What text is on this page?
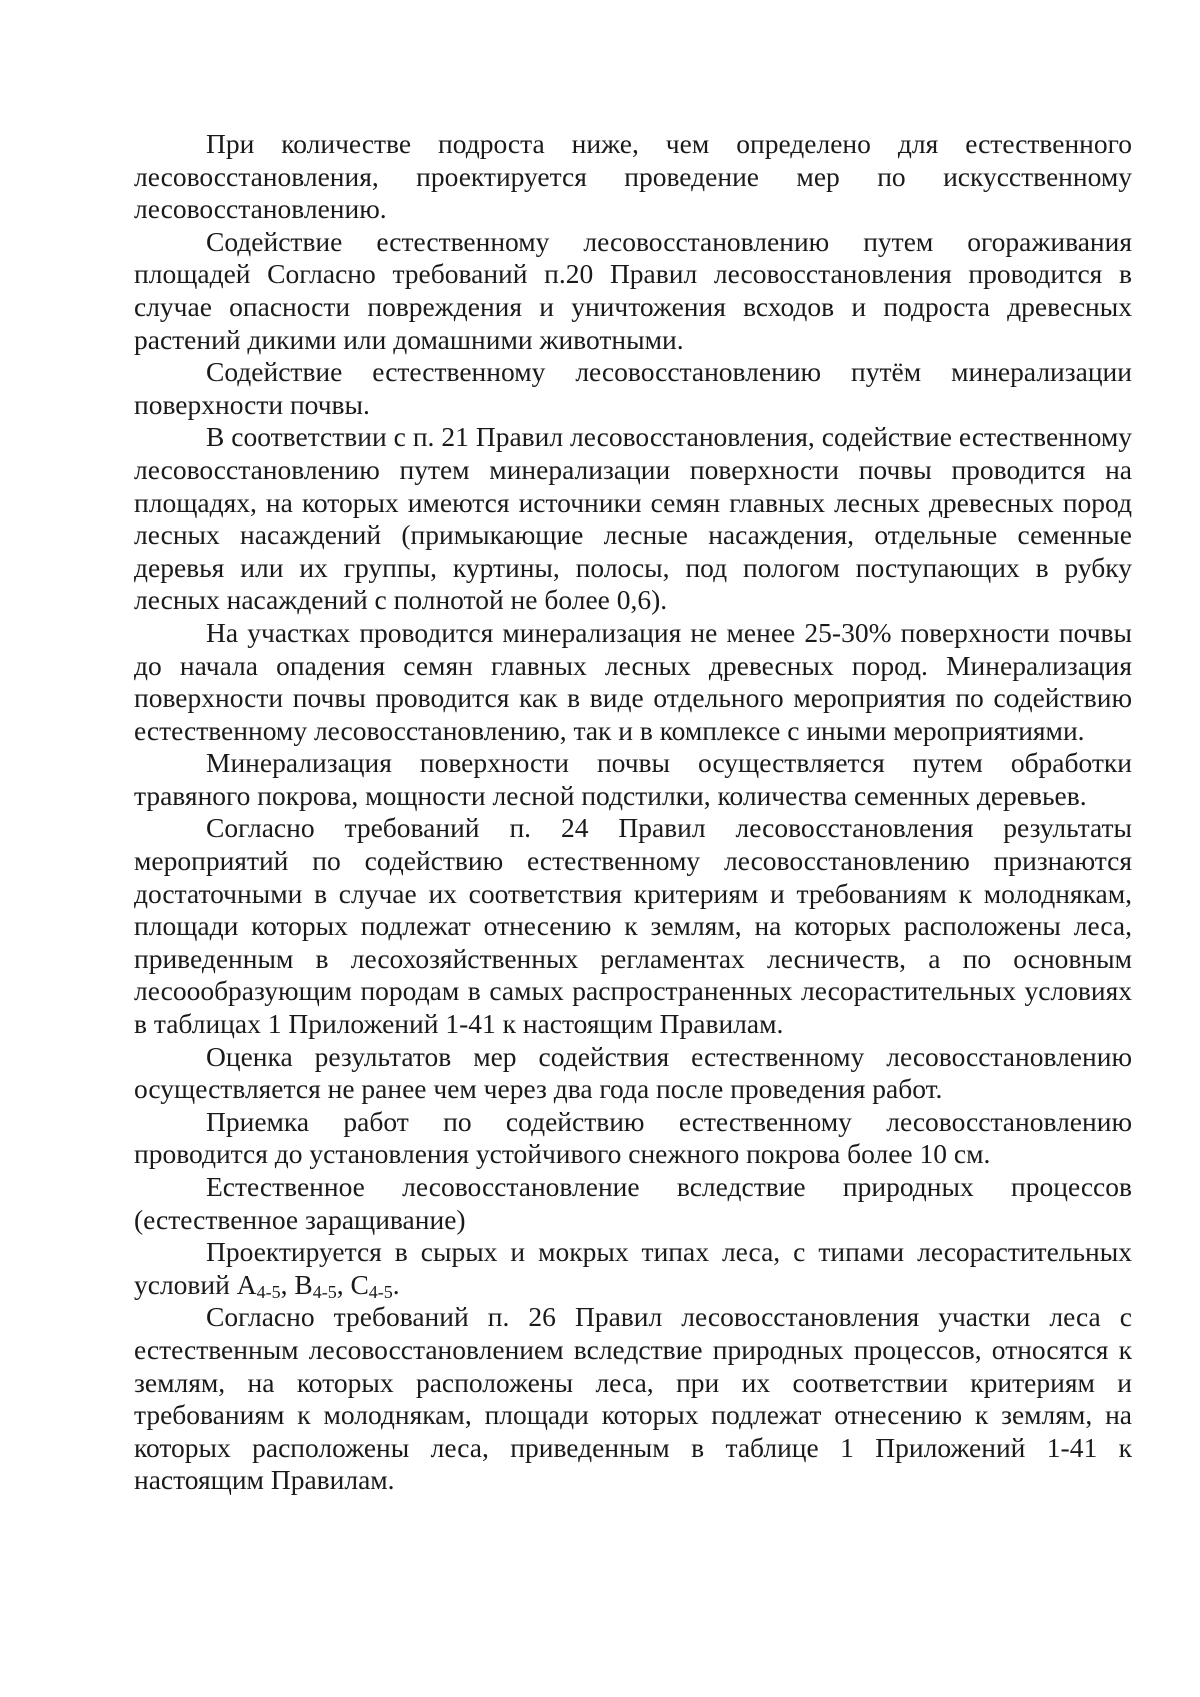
При количестве подроста ниже, чем определено для естественного лесовосстановления, проектируется проведение мер по искусственному лесовосстановлению.

Содействие естественному лесовосстановлению путем огораживания площадей Согласно требований п.20 Правил лесовосстановления проводится в случае опасности повреждения и уничтожения всходов и подроста древесных растений дикими или домашними животными.

Содействие естественному лесовосстановлению путём минерализации поверхности почвы.

В соответствии с п. 21 Правил лесовосстановления, содействие естественному лесовосстановлению путем минерализации поверхности почвы проводится на площадях, на которых имеются источники семян главных лесных древесных пород лесных насаждений (примыкающие лесные насаждения, отдельные семенные деревья или их группы, куртины, полосы, под пологом поступающих в рубку лесных насаждений с полнотой не более 0,6).

На участках проводится минерализация не менее 25-30% поверхности почвы до начала опадения семян главных лесных древесных пород. Минерализация поверхности почвы проводится как в виде отдельного мероприятия по содействию естественному лесовосстановлению, так и в комплексе с иными мероприятиями.

Минерализация поверхности почвы осуществляется путем обработки травяного покрова, мощности лесной подстилки, количества семенных деревьев.

Согласно требований п. 24 Правил лесовосстановления результаты мероприятий по содействию естественному лесовосстановлению признаются достаточными в случае их соответствия критериям и требованиям к молоднякам, площади которых подлежат отнесению к землям, на которых расположены леса, приведенным в лесохозяйственных регламентах лесничеств, а по основным лесоообразующим породам в самых распространенных лесорастительных условиях в таблицах 1 Приложений 1-41 к настоящим Правилам.

Оценка результатов мер содействия естественному лесовосстановлению осуществляется не ранее чем через два года после проведения работ.

Приемка работ по содействию естественному лесовосстановлению проводится до установления устойчивого снежного покрова более 10 см.

Естественное лесовосстановление вследствие природных процессов (естественное заращивание)

Проектируется в сырых и мокрых типах леса, с типами лесорастительных условий $А_{4-5}$, $В_{4-5}$, $С_{4-5}$.

Согласно требований п. 26 Правил лесовосстановления участки леса с естественным лесовосстановлением вследствие природных процессов, относятся к землям, на которых расположены леса, при их соответствии критериям и требованиям к молоднякам, площади которых подлежат отнесению к землям, на которых расположены леса, приведенным в таблице 1 Приложений 1-41 к настоящим Правилам.
